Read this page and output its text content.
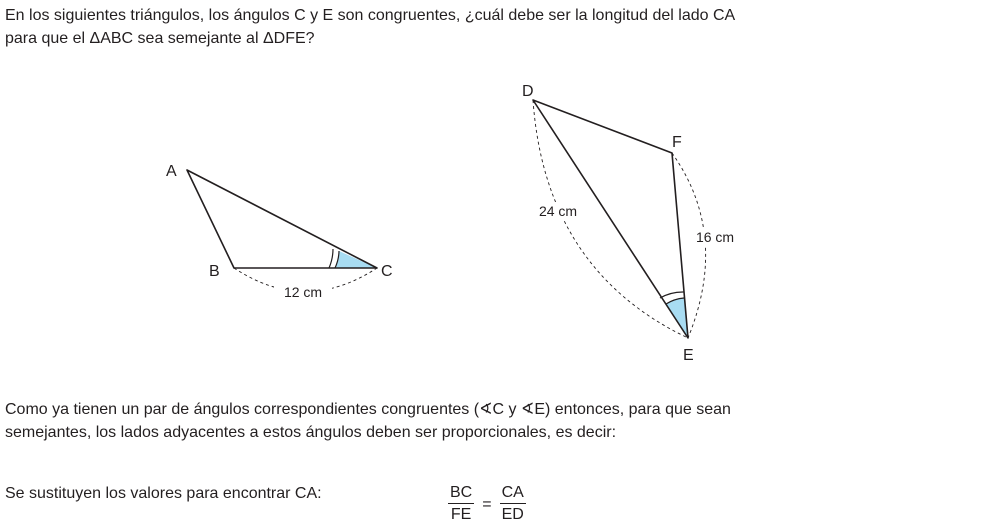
En los siguientes triángulos, los ángulos C y E son congruentes, ¿cuál debe ser la longitud del lado CA
para que el ΔABC sea semejante al ΔDFE?
12 cm
A
B	C
24 cm
16 cm
D
F
E
Como ya tienen un par de ángulos correspondientes congruentes (∢C y ∢E) entonces, para que sean
semejantes, los lados adyacentes a estos ángulos deben ser proporcionales, es decir:
Se sustituyen los valores para encontrar CA:	$\frac{BC}{FE} = \frac{CA}{ED}$
